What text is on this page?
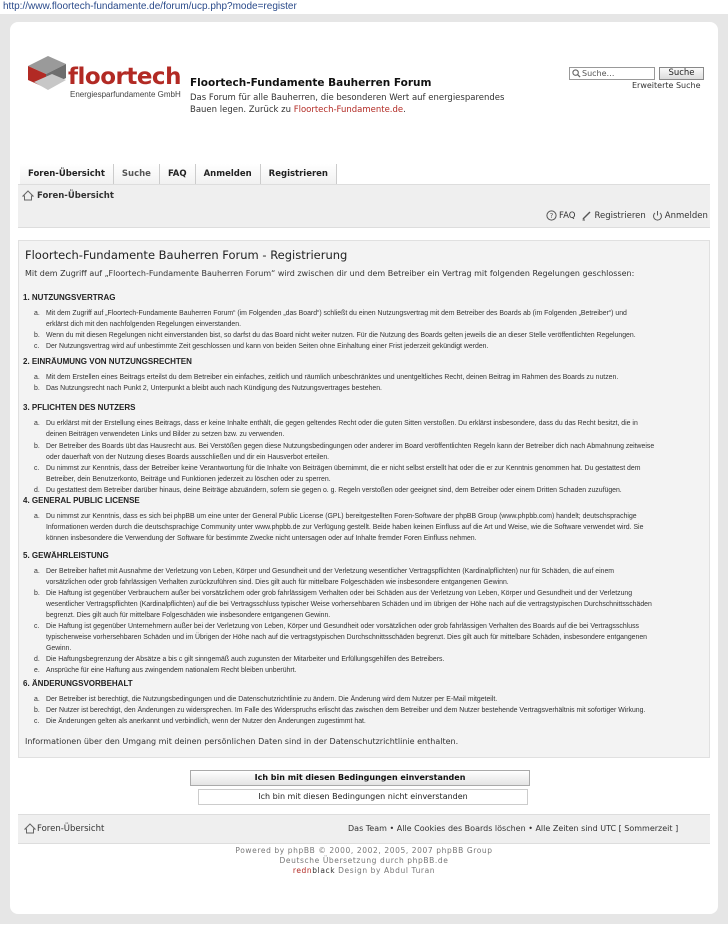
http://www.floortech-fundamente.de/forum/ucp.php?mode=register
floortech
Energiesparfundamente GmbH
Floortech-Fundamente Bauherren Forum
Das Forum für alle Bauherren, die besonderen Wert auf energiesparendes Bauen legen. Zurück zu Floortech-Fundamente.de.
Suche…	Suche
Erweiterte Suche
Foren-Übersicht	Suche	FAQ	Anmelden	Registrieren
Foren-Übersicht
? FAQ Registrieren Anmelden
Floortech-Fundamente Bauherren Forum - Registrierung
Mit dem Zugriff auf „Floortech-Fundamente Bauherren Forum“ wird zwischen dir und dem Betreiber ein Vertrag mit folgenden Regelungen geschlossen:
1. NUTZUNGSVERTRAG
a. Mit dem Zugriff auf „Floortech-Fundamente Bauherren Forum“ (im Folgenden „das Board“) schließt du einen Nutzungsvertrag mit dem Betreiber des Boards ab (im Folgenden „Betreiber“) und
erklärst dich mit den nachfolgenden Regelungen einverstanden.
b. Wenn du mit diesen Regelungen nicht einverstanden bist, so darfst du das Board nicht weiter nutzen. Für die Nutzung des Boards gelten jeweils die an dieser Stelle veröffentlichten Regelungen.
c. Der Nutzungsvertrag wird auf unbestimmte Zeit geschlossen und kann von beiden Seiten ohne Einhaltung einer Frist jederzeit gekündigt werden.
2. EINRÄUMUNG VON NUTZUNGSRECHTEN
a. Mit dem Erstellen eines Beitrags erteilst du dem Betreiber ein einfaches, zeitlich und räumlich unbeschränktes und unentgeltliches Recht, deinen Beitrag im Rahmen des Boards zu nutzen.
b. Das Nutzungsrecht nach Punkt 2, Unterpunkt a bleibt auch nach Kündigung des Nutzungsvertrages bestehen.
3. PFLICHTEN DES NUTZERS
a. Du erklärst mit der Erstellung eines Beitrags, dass er keine Inhalte enthält, die gegen geltendes Recht oder die guten Sitten verstoßen. Du erklärst insbesondere, dass du das Recht besitzt, die in
deinen Beiträgen verwendeten Links und Bilder zu setzen bzw. zu verwenden.
b. Der Betreiber des Boards übt das Hausrecht aus. Bei Verstößen gegen diese Nutzungsbedingungen oder anderer im Board veröffentlichten Regeln kann der Betreiber dich nach Abmahnung zeitweise
oder dauerhaft von der Nutzung dieses Boards ausschließen und dir ein Hausverbot erteilen.
c. Du nimmst zur Kenntnis, dass der Betreiber keine Verantwortung für die Inhalte von Beiträgen übernimmt, die er nicht selbst erstellt hat oder die er zur Kenntnis genommen hat. Du gestattest dem
Betreiber, dein Benutzerkonto, Beiträge und Funktionen jederzeit zu löschen oder zu sperren.
d. Du gestattest dem Betreiber darüber hinaus, deine Beiträge abzuändern, sofern sie gegen o. g. Regeln verstoßen oder geeignet sind, dem Betreiber oder einem Dritten Schaden zuzufügen.
4. GENERAL PUBLIC LICENSE
a. Du nimmst zur Kenntnis, dass es sich bei phpBB um eine unter der General Public License (GPL) bereitgestellten Foren-Software der phpBB Group (www.phpbb.com) handelt; deutschsprachige
Informationen werden durch die deutschsprachige Community unter www.phpbb.de zur Verfügung gestellt. Beide haben keinen Einfluss auf die Art und Weise, wie die Software verwendet wird. Sie
können insbesondere die Verwendung der Software für bestimmte Zwecke nicht untersagen oder auf Inhalte fremder Foren Einfluss nehmen.
5. GEWÄHRLEISTUNG
a. Der Betreiber haftet mit Ausnahme der Verletzung von Leben, Körper und Gesundheit und der Verletzung wesentlicher Vertragspflichten (Kardinalpflichten) nur für Schäden, die auf einem
vorsätzlichen oder grob fahrlässigen Verhalten zurückzuführen sind. Dies gilt auch für mittelbare Folgeschäden wie insbesondere entgangenen Gewinn.
b. Die Haftung ist gegenüber Verbrauchern außer bei vorsätzlichem oder grob fahrlässigem Verhalten oder bei Schäden aus der Verletzung von Leben, Körper und Gesundheit und der Verletzung
wesentlicher Vertragspflichten (Kardinalpflichten) auf die bei Vertragsschluss typischer Weise vorhersehbaren Schäden und im übrigen der Höhe nach auf die vertragstypischen Durchschnittsschäden
begrenzt. Dies gilt auch für mittelbare Folgeschäden wie insbesondere entgangenen Gewinn.
c. Die Haftung ist gegenüber Unternehmern außer bei der Verletzung von Leben, Körper und Gesundheit oder vorsätzlichen oder grob fahrlässigen Verhalten des Boards auf die bei Vertragsschluss
typischerweise vorhersehbaren Schäden und im Übrigen der Höhe nach auf die vertragstypischen Durchschnittsschäden begrenzt. Dies gilt auch für mittelbare Schäden, insbesondere entgangenen
Gewinn.
d. Die Haftungsbegrenzung der Absätze a bis c gilt sinngemäß auch zugunsten der Mitarbeiter und Erfüllungsgehilfen des Betreibers.
e. Ansprüche für eine Haftung aus zwingendem nationalem Recht bleiben unberührt.
6. ÄNDERUNGSVORBEHALT
a. Der Betreiber ist berechtigt, die Nutzungsbedingungen und die Datenschutzrichtlinie zu ändern. Die Änderung wird dem Nutzer per E-Mail mitgeteilt.
b. Der Nutzer ist berechtigt, den Änderungen zu widersprechen. Im Falle des Widerspruchs erlischt das zwischen dem Betreiber und dem Nutzer bestehende Vertragsverhältnis mit sofortiger Wirkung.
c. Die Änderungen gelten als anerkannt und verbindlich, wenn der Nutzer den Änderungen zugestimmt hat.
Informationen über den Umgang mit deinen persönlichen Daten sind in der Datenschutzrichtlinie enthalten.
Ich bin mit diesen Bedingungen einverstanden
Ich bin mit diesen Bedingungen nicht einverstanden
Foren-Übersicht	Das Team • Alle Cookies des Boards löschen • Alle Zeiten sind UTC [ Sommerzeit ]
Powered by phpBB © 2000, 2002, 2005, 2007 phpBB Group
Deutsche Übersetzung durch phpBB.de
rednblack Design by Abdul Turan
